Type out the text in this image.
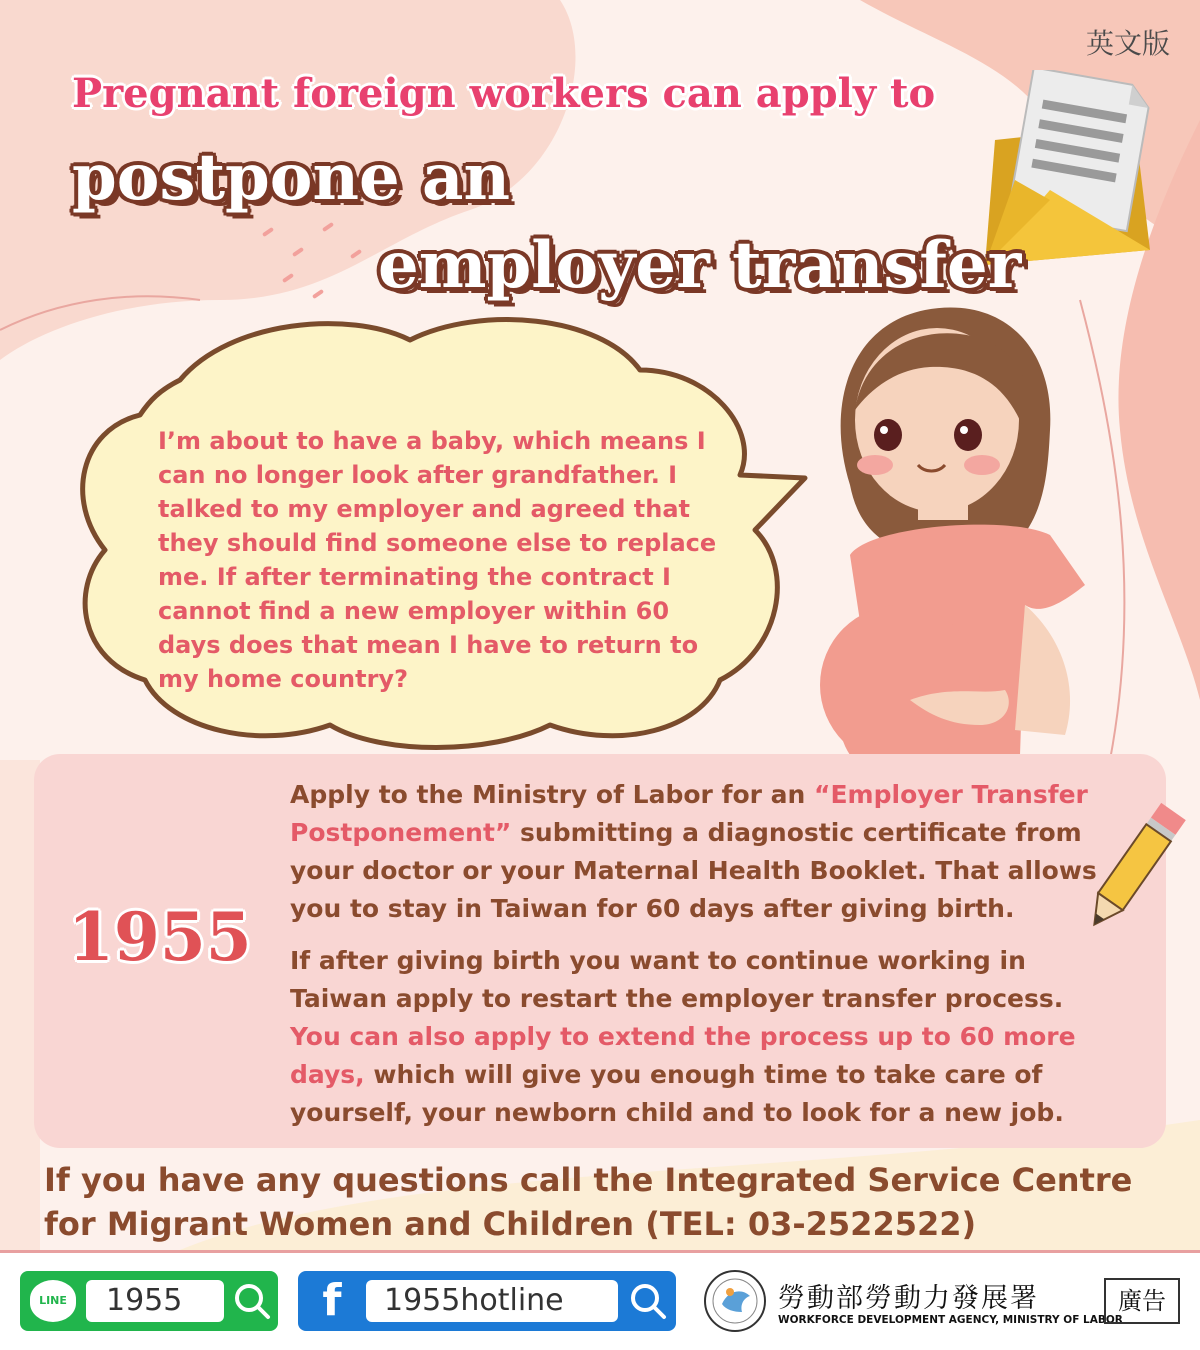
英文版
Pregnant foreign workers can apply to
postpone an
employer transfer
I’m about to have a baby, which means I can no longer look after grandfather. I talked to my employer and agreed that they should find someone else to replace me. If after terminating the contract I cannot find a new employer within 60 days does that mean I have to return to my home country?
1955
Apply to the Ministry of Labor for an “Employer Transfer Postponement” submitting a diagnostic certificate from your doctor or your Maternal Health Booklet. That allows you to stay in Taiwan for 60 days after giving birth.
If after giving birth you want to continue working in Taiwan apply to restart the employer transfer process. You can also apply to extend the process up to 60 more days, which will give you enough time to take care of yourself, your newborn child and to look for a new job.
If you have any questions call the Integrated Service Centre for Migrant Women and Children (TEL: 03-2522522)
LINE	1955	f	1955hotline	勞動部勞動力發展署
WORKFORCE DEVELOPMENT AGENCY, MINISTRY OF LABOR
廣告
